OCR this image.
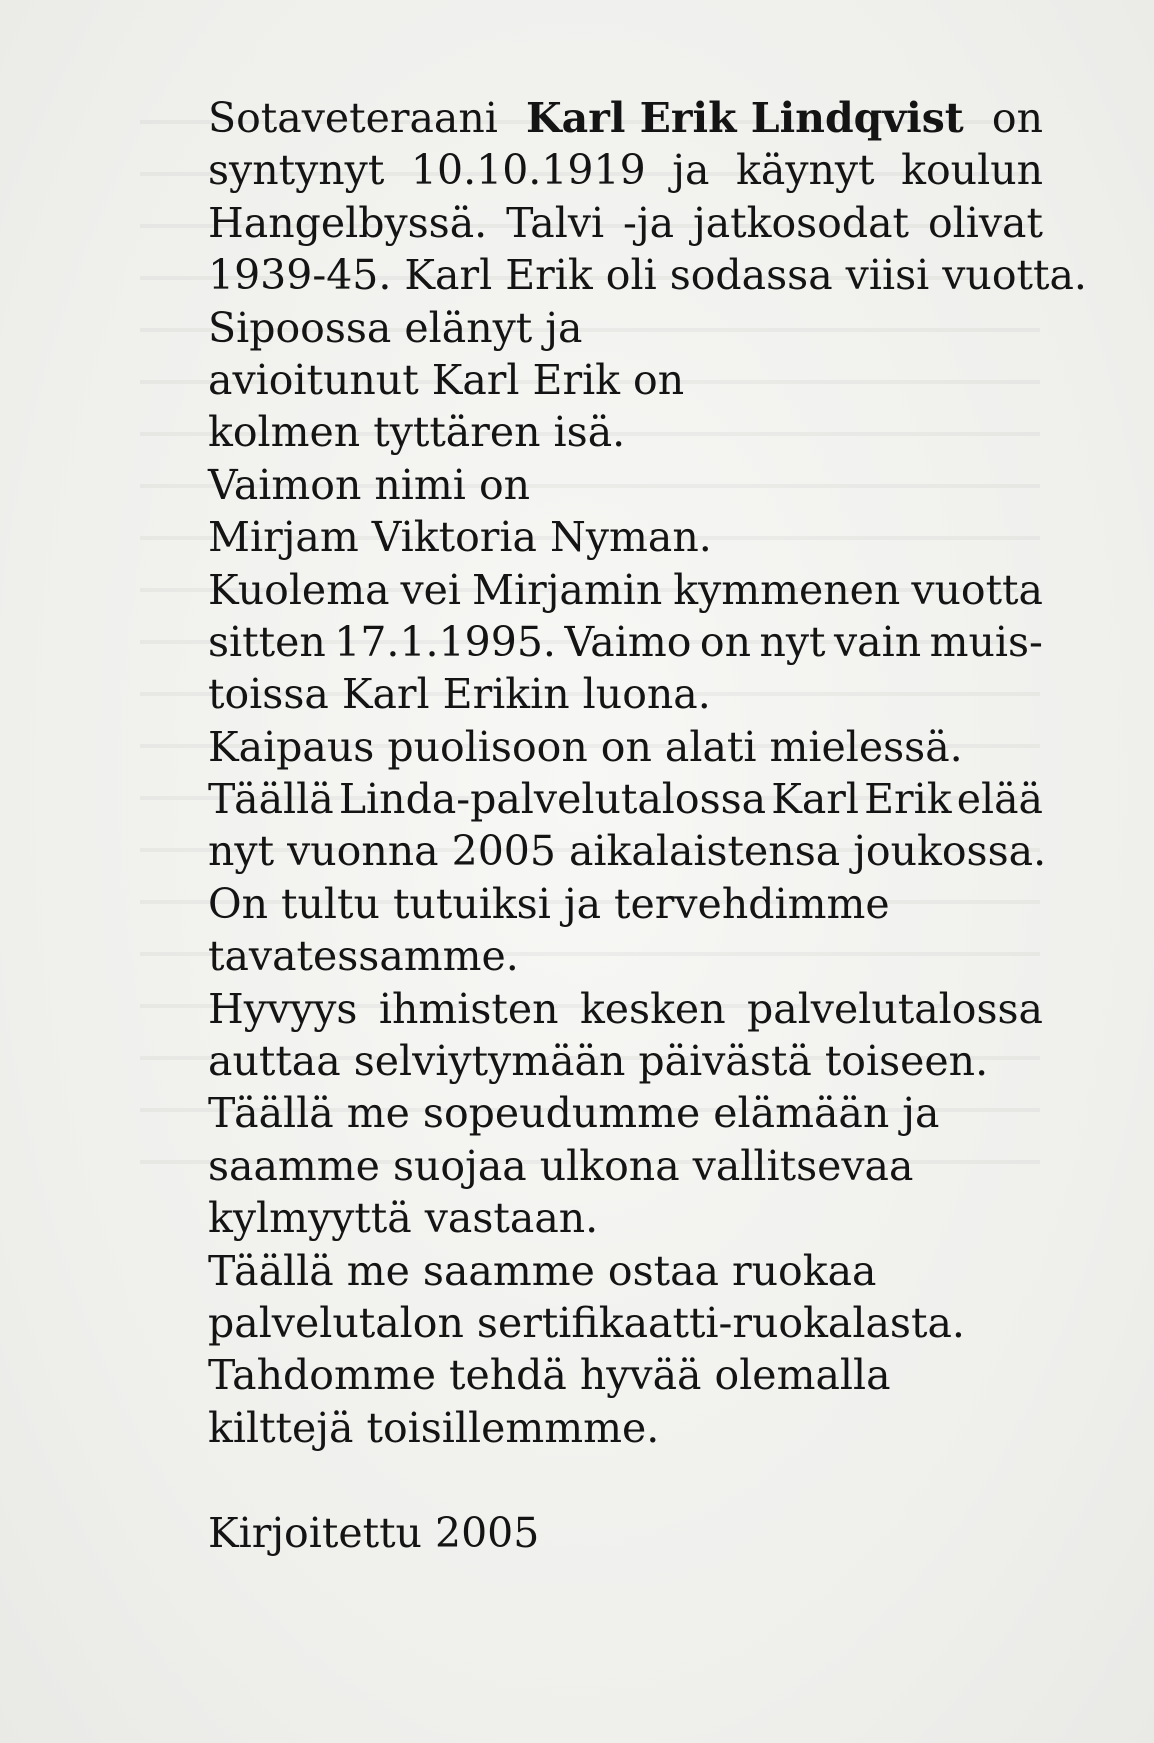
Sotaveteraani Karl Erik Lindqvist on
syntynyt 10.10.1919 ja käynyt koulun
Hangelbyssä. Talvi -ja jatkosodat olivat
1939-45. Karl Erik oli sodassa viisi vuotta.
Sipoossa elänyt ja
avioitunut Karl Erik on
kolmen tyttären isä.
Vaimon nimi on
Mirjam Viktoria Nyman.
Kuolema vei Mirjamin kymmenen vuotta
sitten 17.1.1995. Vaimo on nyt vain muis-
toissa Karl Erikin luona.
Kaipaus puolisoon on alati mielessä.
Täällä Linda-palvelutalossa Karl Erik elää
nyt vuonna 2005 aikalaistensa joukossa.
On tultu tutuiksi ja tervehdimme
tavatessamme.
Hyvyys ihmisten kesken palvelutalossa
auttaa selviytymään päivästä toiseen.
Täällä me sopeudumme elämään ja
saamme suojaa ulkona vallitsevaa
kylmyyttä vastaan.
Täällä me saamme ostaa ruokaa
palvelutalon sertifikaatti-ruokalasta.
Tahdomme tehdä hyvää olemalla
kilttejä toisillemmme.
Kirjoitettu 2005
